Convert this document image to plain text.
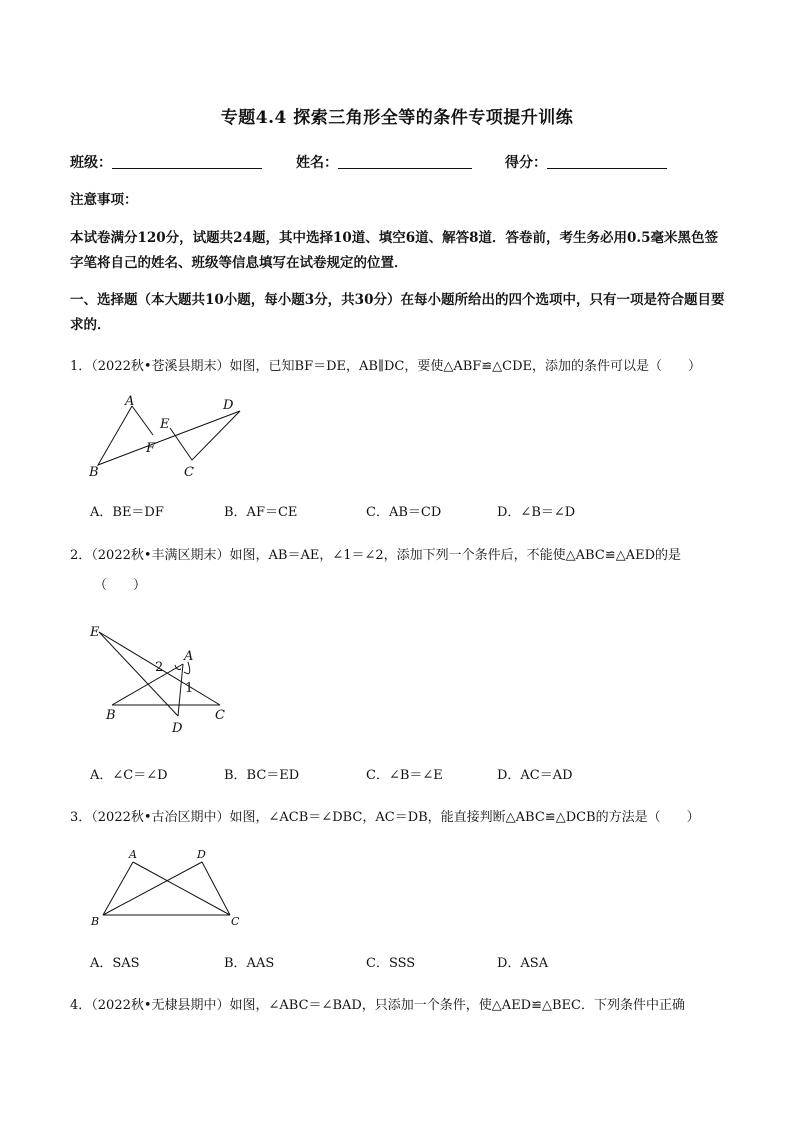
专题4.4 探索三角形全等的条件专项提升训练
班级：	姓名：	得分：
注意事项：
本试卷满分120分，试题共24题，其中选择10道、填空6道、解答8道．答卷前，考生务必用0.5毫米黑色签字笔将自己的姓名、班级等信息填写在试卷规定的位置．
一、选择题（本大题共10小题，每小题3分，共30分）在每小题所给出的四个选项中，只有一项是符合题目要求的．
1．（2022秋•苍溪县期末）如图，已知BF＝DE，AB∥DC，要使△ABF≌△CDE，添加的条件可以是（　　）
A
B	C
D
E
F
A．BE＝DF	B．AF＝CE	C．AB＝CD	D．∠B＝∠D
2．（2022秋•丰满区期末）如图，AB＝AE，∠1＝∠2，添加下列一个条件后，不能使△ABC≌△AED的是
（　　）
E
A
B	C
D
1
2
A．∠C＝∠D	B．BC＝ED	C．∠B＝∠E	D．AC＝AD
3．（2022秋•古冶区期中）如图，∠ACB＝∠DBC，AC＝DB，能直接判断△ABC≌△DCB的方法是（　　）
A	D
B	C
A．SAS	B．AAS	C．SSS	D．ASA
4．（2022秋•无棣县期中）如图，∠ABC＝∠BAD，只添加一个条件，使△AED≌△BEC．下列条件中正确
